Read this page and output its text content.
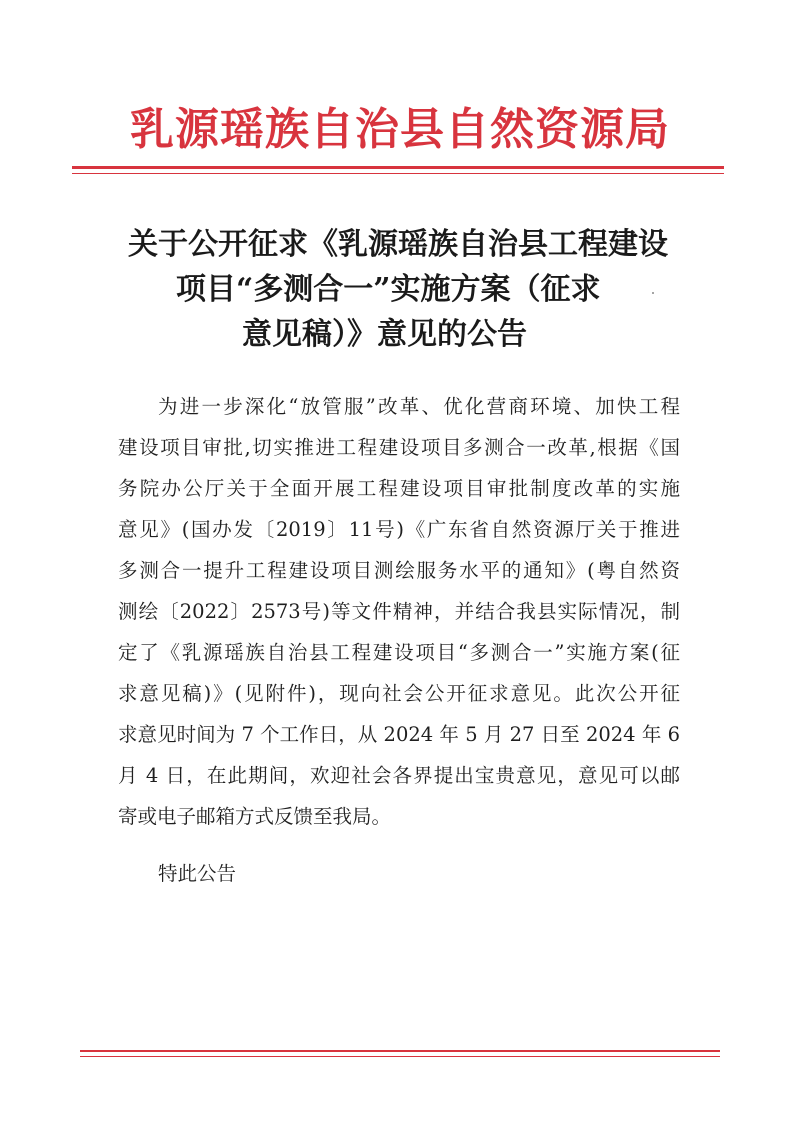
乳源瑶族自治县自然资源局
关于公开征求《乳源瑶族自治县工程建设
项目“多测合一”实施方案（征求
意见稿）》意见的公告
为进一步深化“放管服”改革、优化营商环境、加快工程
建设项目审批,切实推进工程建设项目多测合一改革,根据《国
务院办公厅关于全面开展工程建设项目审批制度改革的实施
意见》(国办发〔2019〕11号)《广东省自然资源厅关于推进
多测合一提升工程建设项目测绘服务水平的通知》(粤自然资
测绘〔2022〕2573号)等文件精神，并结合我县实际情况，制
定了《乳源瑶族自治县工程建设项目“多测合一”实施方案(征
求意见稿)》(见附件)，现向社会公开征求意见。此次公开征
求意见时间为 7 个工作日，从 2024 年 5 月 27 日至 2024 年 6
月 4 日，在此期间，欢迎社会各界提出宝贵意见，意见可以邮
寄或电子邮箱方式反馈至我局。
特此公告
